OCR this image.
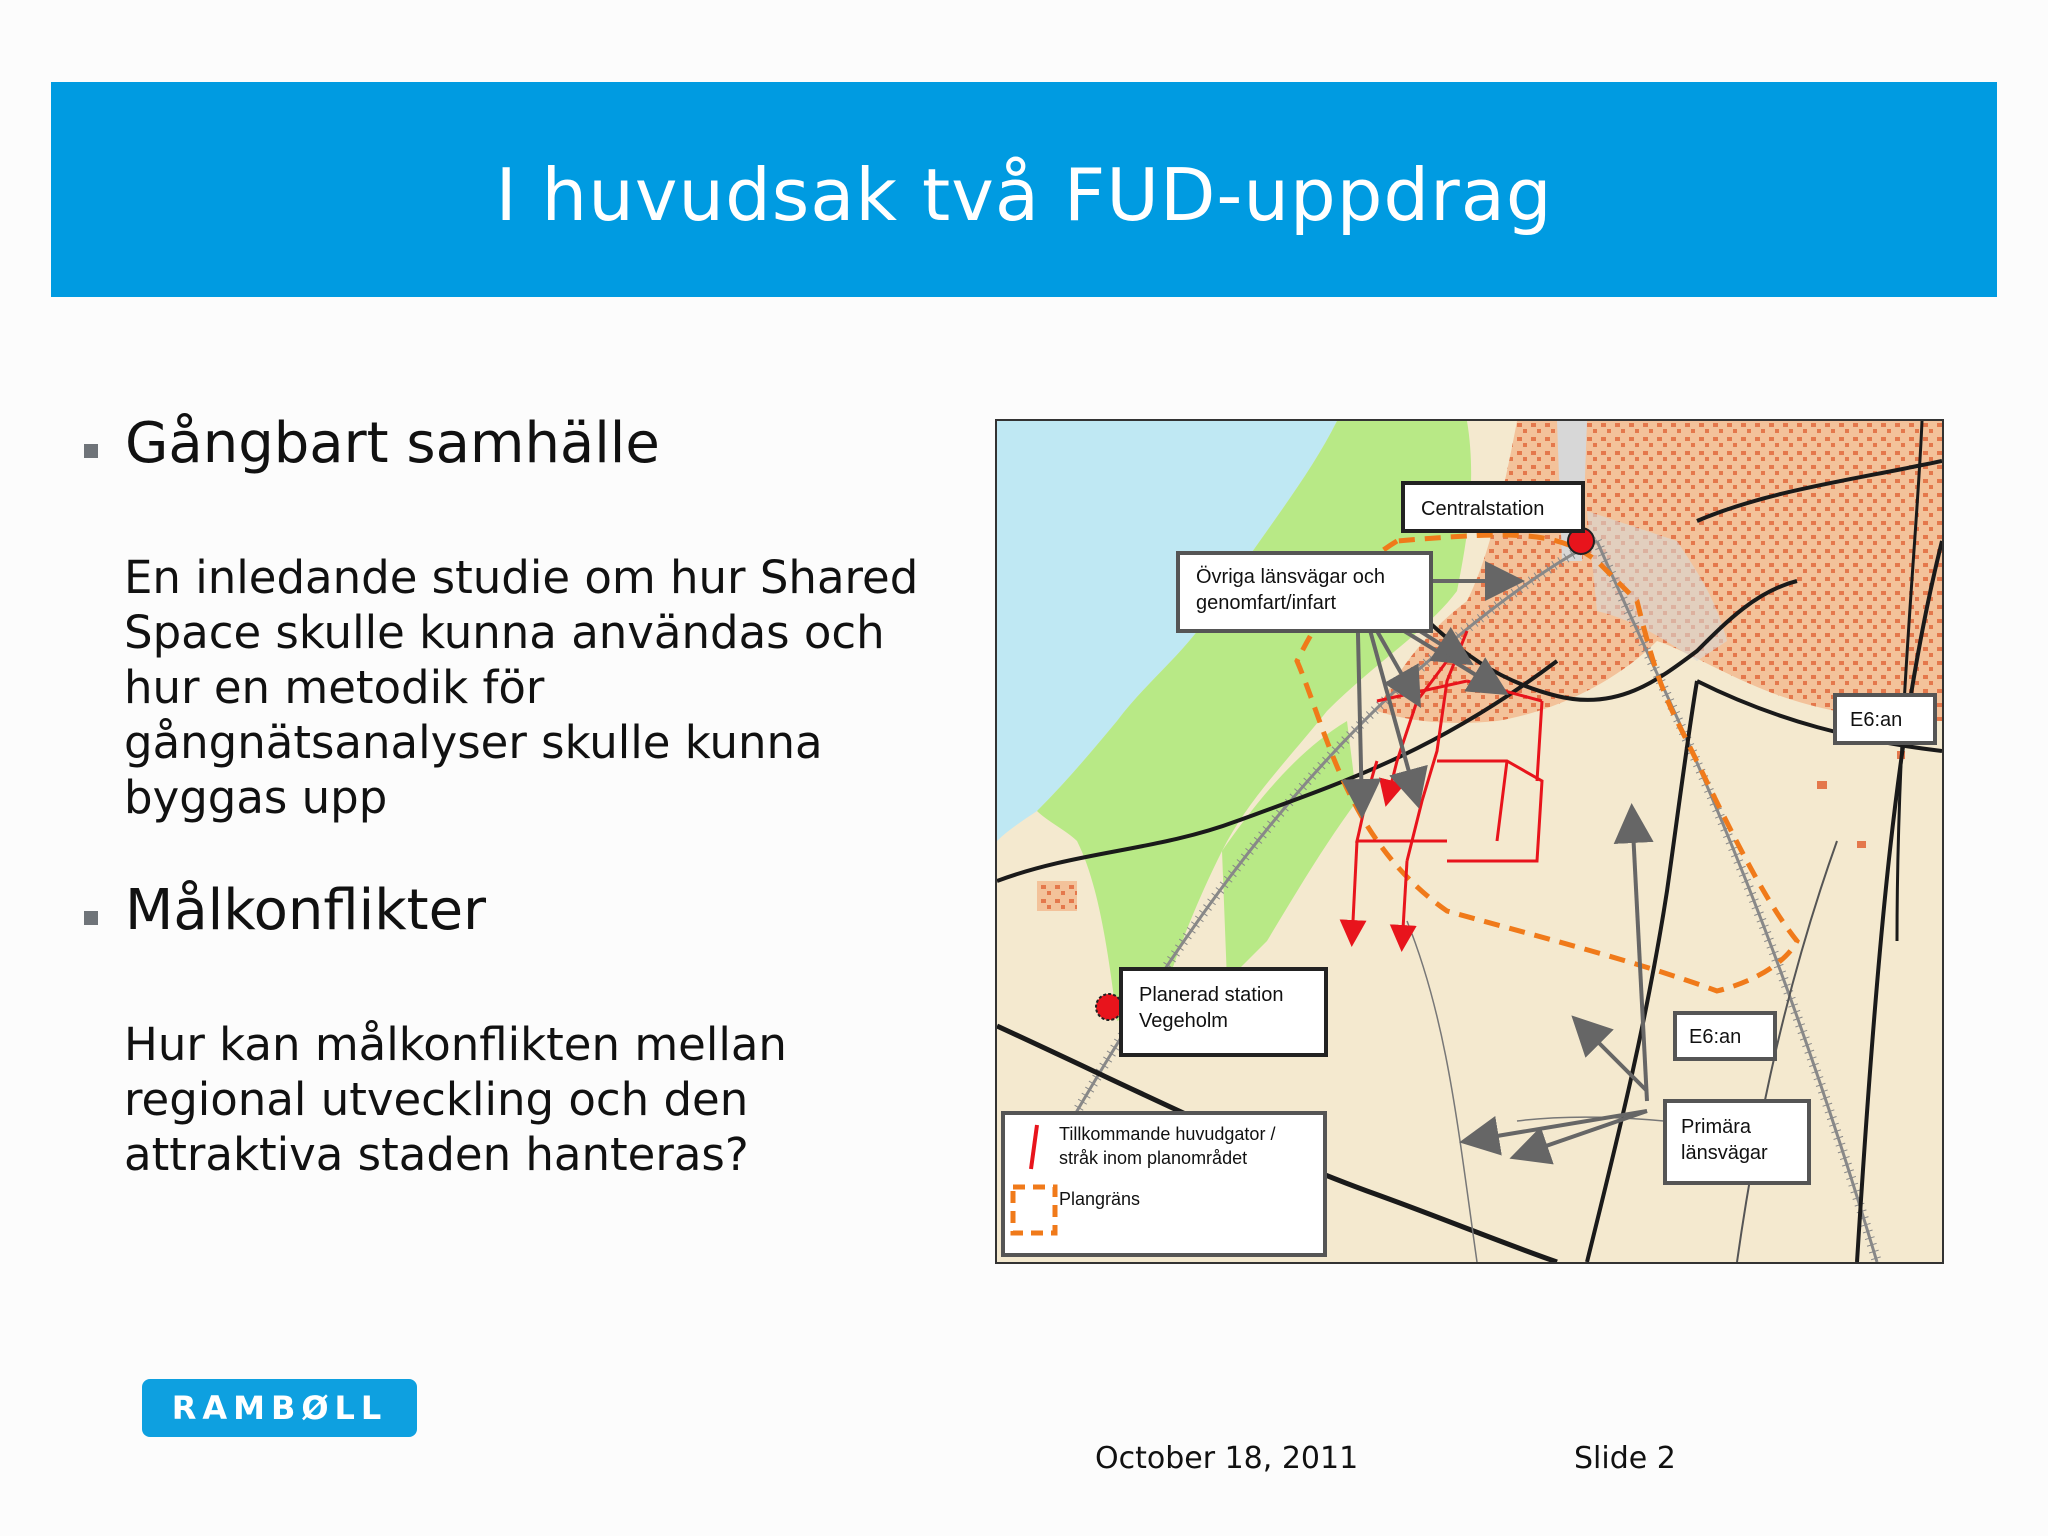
I huvudsak två FUD-uppdrag
Gångbart samhälle
En inledande studie om hur Shared
Space skulle kunna användas och
hur en metodik för
gångnätsanalyser skulle kunna
byggas upp
Målkonflikter
Hur kan målkonflikten mellan
regional utveckling och den
attraktiva staden hanteras?
Centralstation
Övriga länsvägar och
genomfart/infart
E6:an
Planerad station
Vegeholm
E6:an
Primära
länsvägar
Tillkommande huvudgator /
stråk inom planområdet
Plangräns
RAMBØLL
October 18, 2011	Slide 2
